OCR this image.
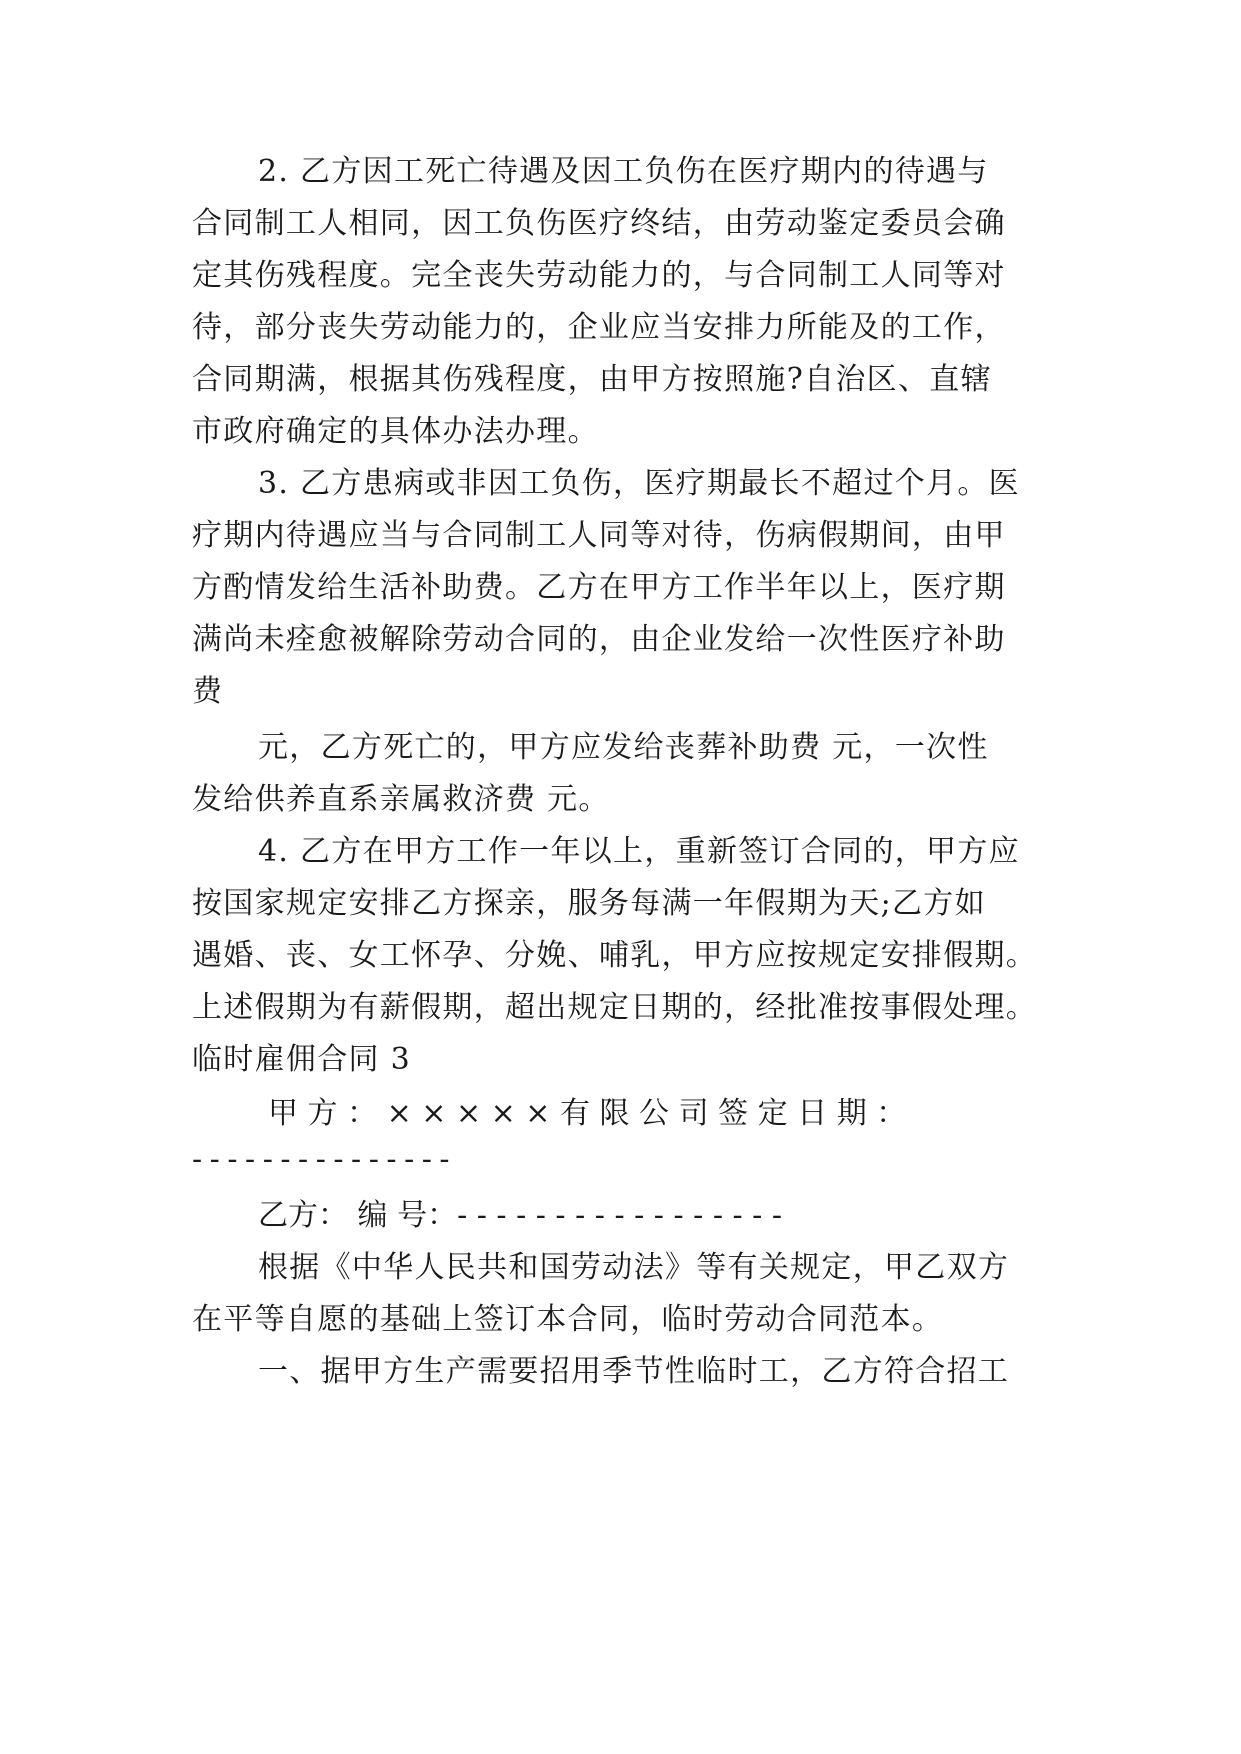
2. 乙方因工死亡待遇及因工负伤在医疗期内的待遇与
合同制工人相同，因工负伤医疗终结，由劳动鉴定委员会确
定其伤残程度。完全丧失劳动能力的，与合同制工人同等对
待，部分丧失劳动能力的，企业应当安排力所能及的工作，
合同期满，根据其伤残程度，由甲方按照施?自治区、直辖
市政府确定的具体办法办理。
3. 乙方患病或非因工负伤，医疗期最长不超过个月。医
疗期内待遇应当与合同制工人同等对待，伤病假期间，由甲
方酌情发给生活补助费。乙方在甲方工作半年以上，医疗期
满尚未痊愈被解除劳动合同的，由企业发给一次性医疗补助
费
元，乙方死亡的，甲方应发给丧葬补助费 元，一次性
发给供养直系亲属救济费 元。
4. 乙方在甲方工作一年以上，重新签订合同的，甲方应
按国家规定安排乙方探亲，服务每满一年假期为天;乙方如
遇婚、丧、女工怀孕、分娩、哺乳，甲方应按规定安排假期。
上述假期为有薪假期，超出规定日期的，经批准按事假处理。
临时雇佣合同 3
甲 方 ： × × × × × 有 限 公 司 签 定 日 期 ：
- - - - - - - - - - - - - - -
乙方： 编 号：- - - - - - - - - - - - - - - - -
根据《中华人民共和国劳动法》等有关规定，甲乙双方
在平等自愿的基础上签订本合同，临时劳动合同范本。
一、据甲方生产需要招用季节性临时工，乙方符合招工
